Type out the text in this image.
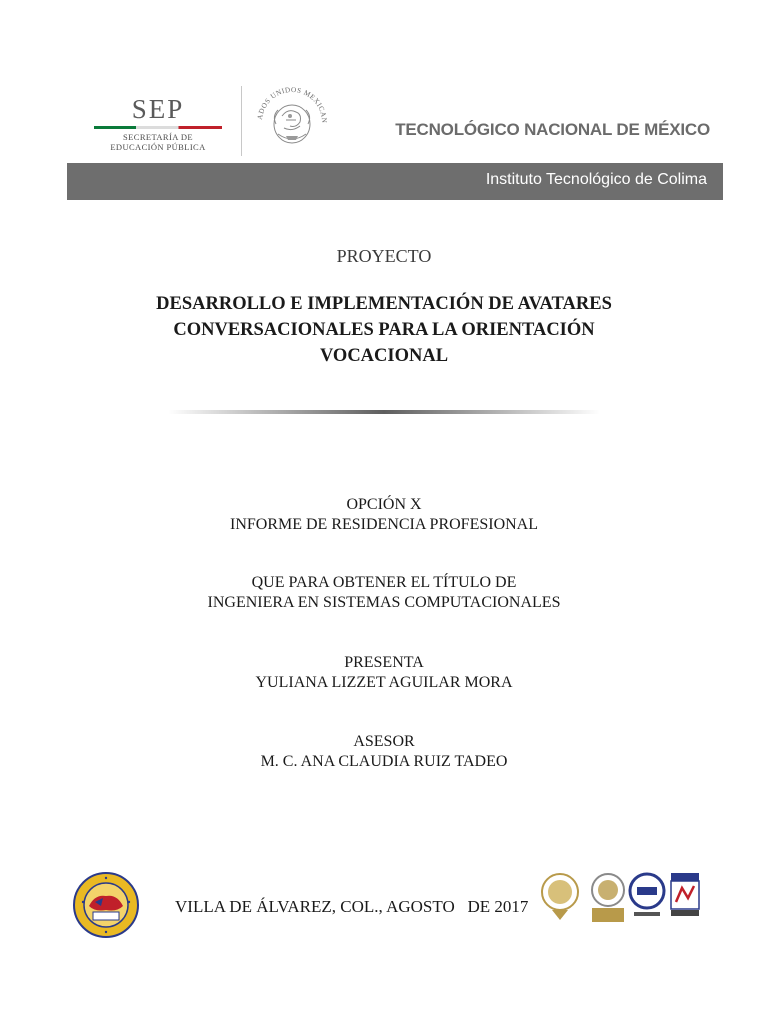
SEP
SECRETARÍA DE
EDUCACIÓN PÚBLICA
ADOS UNIDOS MEXICAN	TECNOLÓGICO NACIONAL DE MÉXICO
Instituto Tecnológico de Colima
PROYECTO
DESARROLLO E IMPLEMENTACIÓN DE AVATARES
CONVERSACIONALES PARA LA ORIENTACIÓN
VOCACIONAL
OPCIÓN X
INFORME DE RESIDENCIA PROFESIONAL
QUE PARA OBTENER EL TÍTULO DE
INGENIERA EN SISTEMAS COMPUTACIONALES
PRESENTA
YULIANA LIZZET AGUILAR MORA
ASESOR
M. C. ANA CLAUDIA RUIZ TADEO
VILLA DE ÁLVAREZ, COL., AGOSTO   DE 2017
